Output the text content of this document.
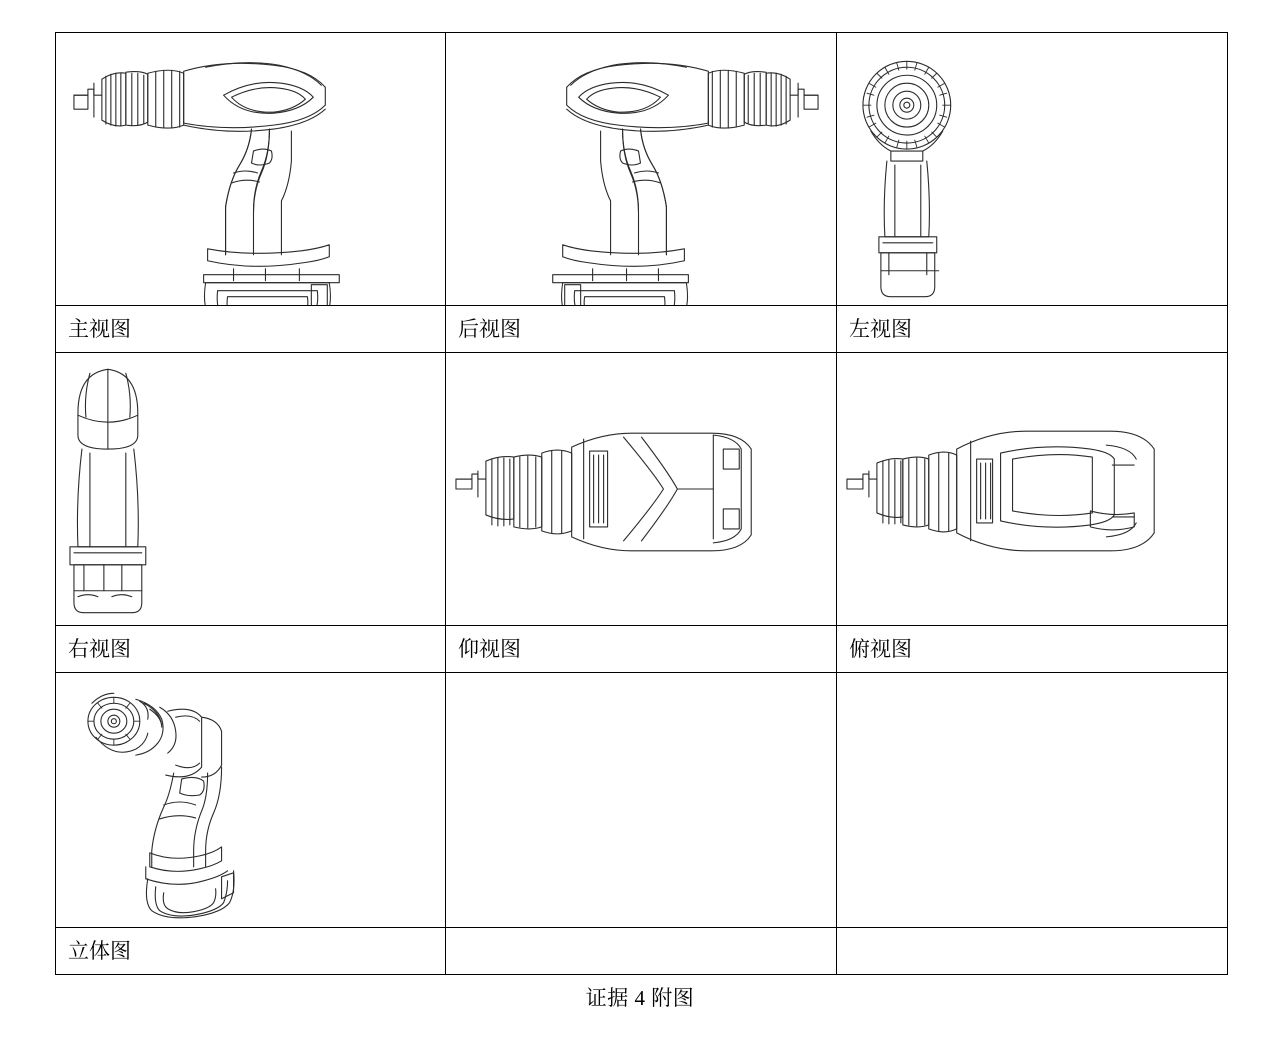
主视图	后视图	左视图

右视图	仰视图	俯视图

立体图		
证据 4 附图
